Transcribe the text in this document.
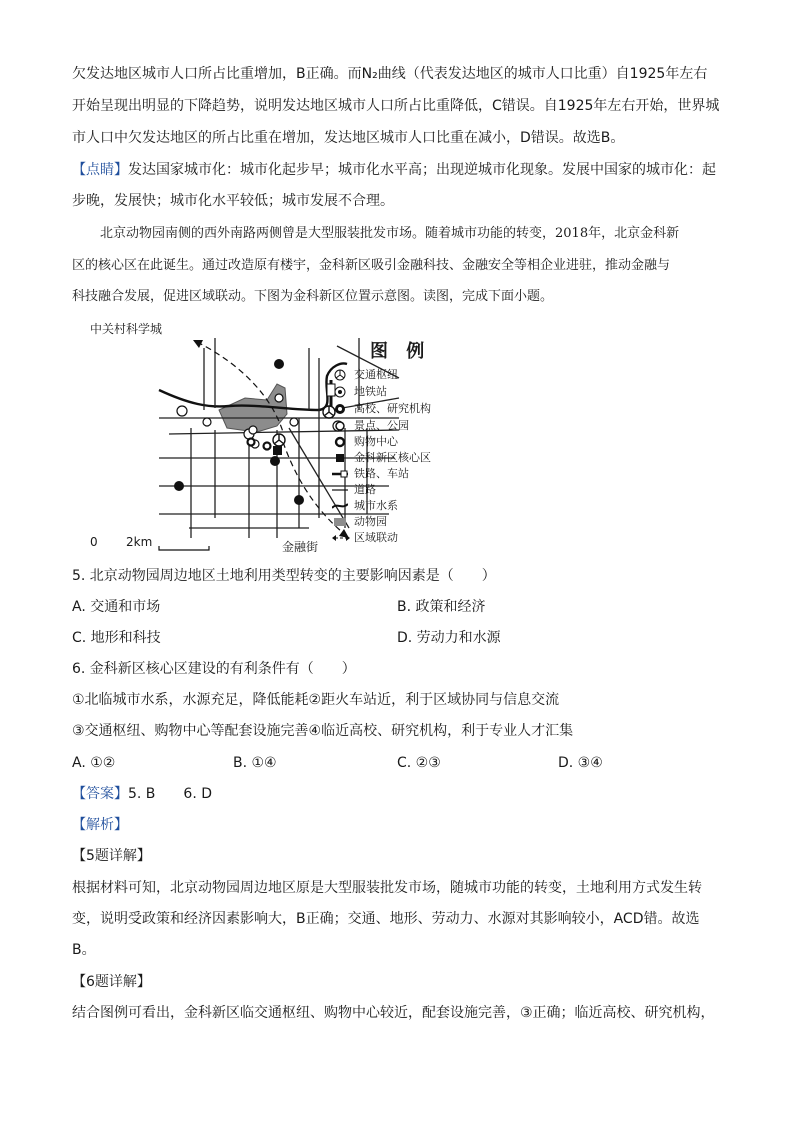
欠发达地区城市人口所占比重增加，B正确。而N₂曲线（代表发达地区的城市人口比重）自1925年左右
开始呈现出明显的下降趋势，说明发达地区城市人口所占比重降低，C错误。自1925年左右开始，世界城
市人口中欠发达地区的所占比重在增加，发达地区城市人口比重在减小，D错误。故选B。
【点睛】发达国家城市化：城市化起步早；城市化水平高；出现逆城市化现象。发展中国家的城市化：起
步晚，发展快；城市化水平较低；城市发展不合理。
北京动物园南侧的西外南路两侧曾是大型服装批发市场。随着城市功能的转变，2018年，北京金科新
区的核心区在此诞生。通过改造原有楼宇，金科新区吸引金融科技、金融安全等相企业进驻，推动金融与
科技融合发展，促进区域联动。下图为金科新区位置示意图。读图，完成下面小题。
中关村科学城
金融街
0 2km
图 例
交通枢纽
地铁站
高校、研究机构
景点、公园
购物中心
金科新区核心区
铁路、车站
道路
城市水系
动物园
区域联动
5. 北京动物园周边地区土地利用类型转变的主要影响因素是（　　）
A. 交通和市场	B. 政策和经济
C. 地形和科技	D. 劳动力和水源
6. 金科新区核心区建设的有利条件有（　　）
①北临城市水系，水源充足，降低能耗②距火车站近，利于区域协同与信息交流
③交通枢纽、购物中心等配套设施完善④临近高校、研究机构，利于专业人才汇集
A. ①②	B. ①④	C. ②③	D. ③④
【答案】5. B　　6. D
【解析】
【5题详解】
根据材料可知，北京动物园周边地区原是大型服装批发市场，随城市功能的转变，土地利用方式发生转
变，说明受政策和经济因素影响大，B正确；交通、地形、劳动力、水源对其影响较小，ACD错。故选
B。
【6题详解】
结合图例可看出，金科新区临交通枢纽、购物中心较近，配套设施完善，③正确；临近高校、研究机构，
